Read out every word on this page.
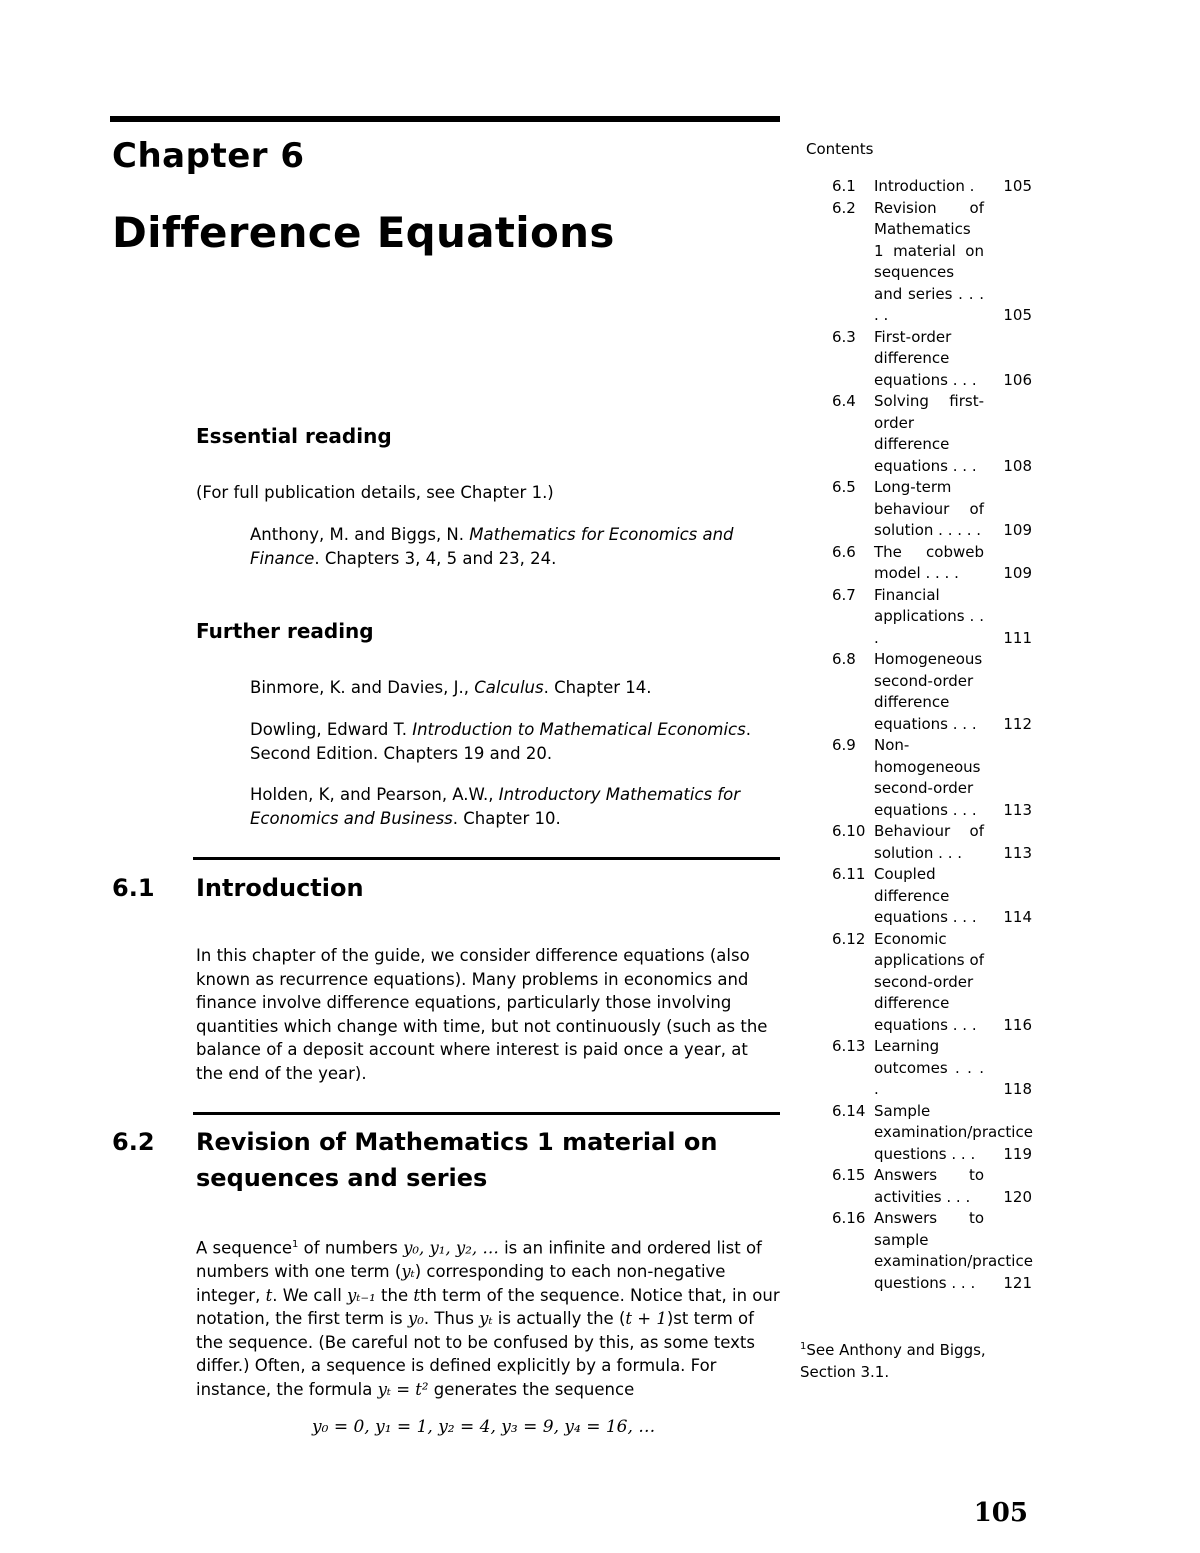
Chapter 6
Difference Equations
Essential reading
(For full publication details, see Chapter 1.)
Anthony, M. and Biggs, N. Mathematics for Economics and Finance. Chapters 3, 4, 5 and 23, 24.
Further reading
Binmore, K. and Davies, J., Calculus. Chapter 14.
Dowling, Edward T. Introduction to Mathematical Economics. Second Edition. Chapters 19 and 20.
Holden, K, and Pearson, A.W., Introductory Mathematics for Economics and Business. Chapter 10.
6.1 Introduction
In this chapter of the guide, we consider difference equations (also known as recurrence equations). Many problems in economics and finance involve difference equations, particularly those involving quantities which change with time, but not continuously (such as the balance of a deposit account where interest is paid once a year, at the end of the year).
6.2 Revision of Mathematics 1 material on sequences and series
A sequence$^1$ of numbers y₀, y₁, y₂, … is an infinite and ordered list of numbers with one term (yₜ) corresponding to each non-negative integer, t. We call yₜ₋₁ the tth term of the sequence. Notice that, in our notation, the first term is y₀. Thus yₜ is actually the (t + 1)st term of the sequence. (Be careful not to be confused by this, as some texts differ.) Often, a sequence is defined explicitly by a formula. For instance, the formula yₜ = t² generates the sequence
y₀ = 0, y₁ = 1, y₂ = 4, y₃ = 9, y₄ = 16, …
Contents
6.1	Introduction .	105
6.2	Revision of Mathematics 1 material on sequences and series . . . . .	105
6.3	First-order difference equations . . .	106
6.4	Solving first-order difference equations . . .	108
6.5	Long-term behaviour of solution . . . . .	109
6.6	The cobweb model . . . .	109
6.7	Financial applications . . .	111
6.8	Homogeneous second-order difference equations . . .	112
6.9	Non-homogeneous second-order equations . . .	113
6.10 Behaviour of solution . . .	113
6.11 Coupled difference equations . . .	114
6.12 Economic applications of second-order difference equations . . .	116
6.13 Learning outcomes . . . .	118
6.14 Sample examination/practice questions . . .	119
6.15 Answers to activities . . .	120
6.16 Answers to sample examination/practice questions . . .	121
$^1$See Anthony and Biggs, Section 3.1.
105
